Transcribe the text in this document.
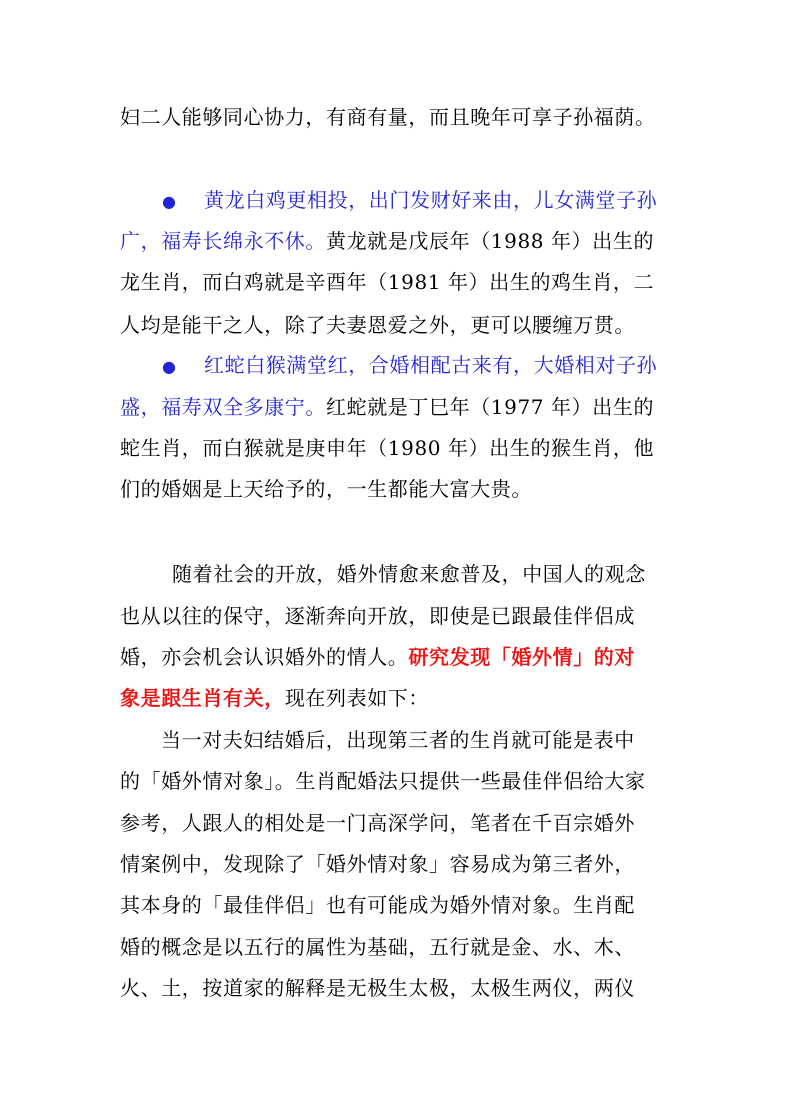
妇二人能够同心协力，有商有量，而且晚年可享子孙福荫。
● 黄龙白鸡更相投，出门发财好来由，儿女满堂子孙
广，福寿长绵永不休。黄龙就是戊辰年（1988 年）出生的
龙生肖，而白鸡就是辛酉年（1981 年）出生的鸡生肖，二
人均是能干之人，除了夫妻恩爱之外，更可以腰缠万贯。
● 红蛇白猴满堂红，合婚相配古来有，大婚相对子孙
盛，福寿双全多康宁。红蛇就是丁巳年（1977 年）出生的
蛇生肖，而白猴就是庚申年（1980 年）出生的猴生肖，他
们的婚姻是上天给予的，一生都能大富大贵。
随着社会的开放，婚外情愈来愈普及，中国人的观念
也从以往的保守，逐渐奔向开放，即使是已跟最佳伴侣成
婚，亦会机会认识婚外的情人。研究发现「婚外情」的对
象是跟生肖有关，现在列表如下：
当一对夫妇结婚后，出现第三者的生肖就可能是表中
的「婚外情对象」。生肖配婚法只提供一些最佳伴侣给大家
参考，人跟人的相处是一门高深学问，笔者在千百宗婚外
情案例中，发现除了「婚外情对象」容易成为第三者外，
其本身的「最佳伴侣」也有可能成为婚外情对象。生肖配
婚的概念是以五行的属性为基础，五行就是金、水、木、
火、土，按道家的解释是无极生太极，太极生两仪，两仪
